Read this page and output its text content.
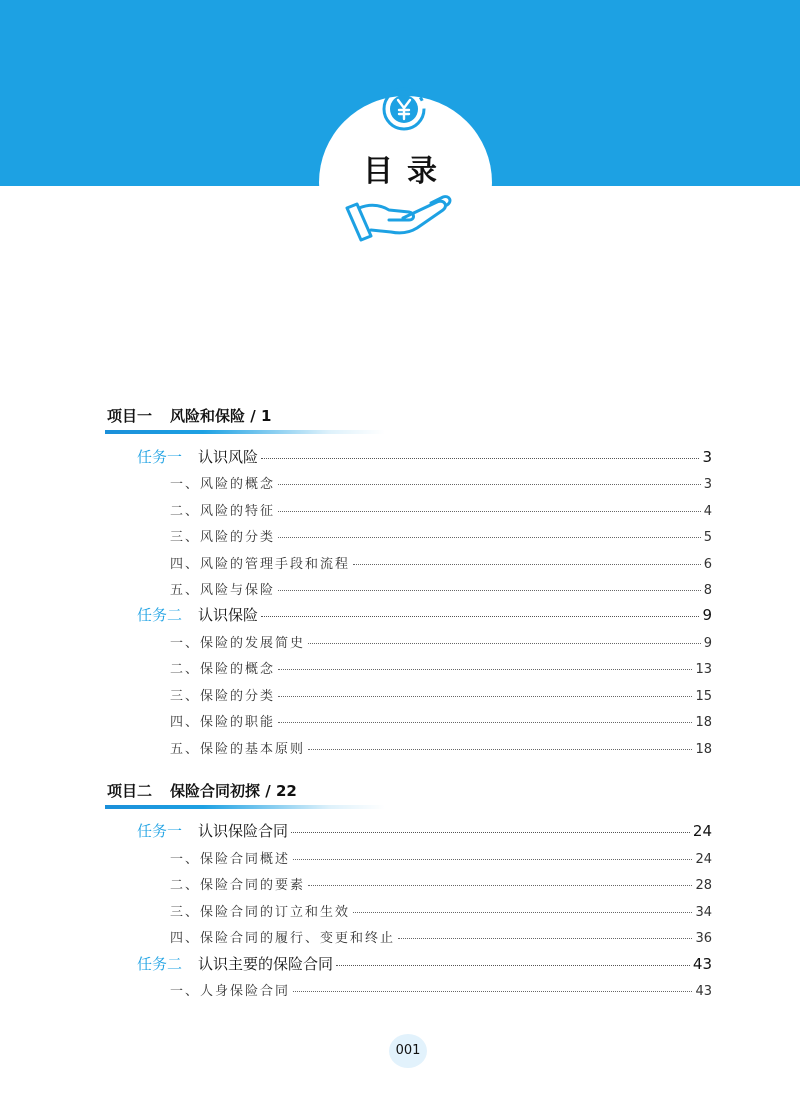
目录
项目一 风险和保险 / 1
任务一 认识风险	3
一、风险的概念	3
二、风险的特征	4
三、风险的分类	5
四、风险的管理手段和流程	6
五、风险与保险	8
任务二 认识保险	9
一、保险的发展简史	9
二、保险的概念	13
三、保险的分类	15
四、保险的职能	18
五、保险的基本原则	18
项目二 保险合同初探 / 22
任务一 认识保险合同	24
一、保险合同概述	24
二、保险合同的要素	28
三、保险合同的订立和生效	34
四、保险合同的履行、变更和终止	36
任务二 认识主要的保险合同	43
一、人身保险合同	43
001
